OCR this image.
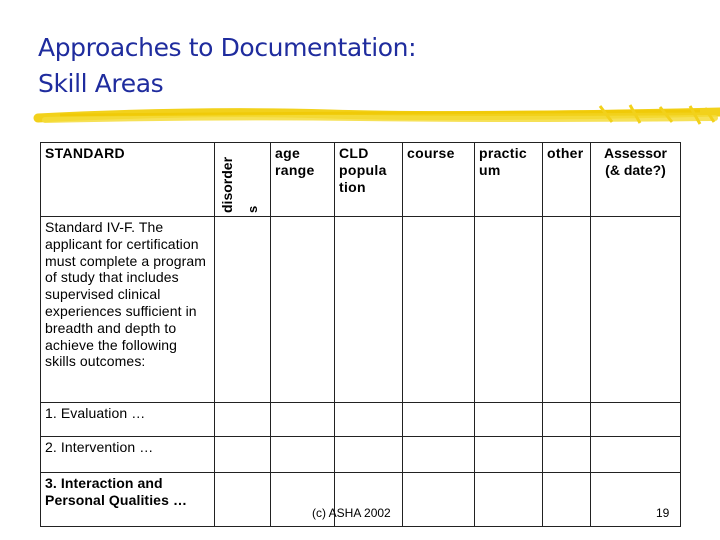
Approaches to Documentation:
Skill Areas
STANDARD	disorder s	age range	CLD popula tion	course	practic um	other	Assessor (& date?)
Standard IV-F. The applicant for certification must complete a program of study that includes supervised clinical experiences sufficient in breadth and depth to achieve the following skills outcomes:							
1. Evaluation …							
2. Intervention …							
3. Interaction and Personal Qualities …							
(c) ASHA 2002	19
